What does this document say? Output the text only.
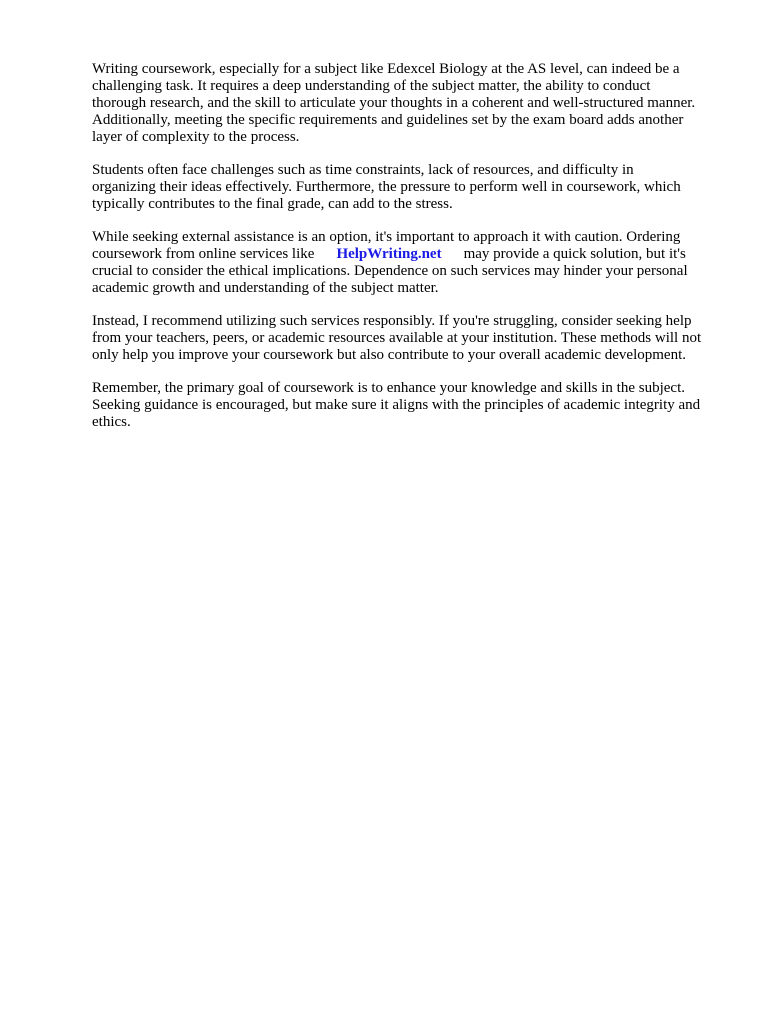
Writing coursework, especially for a subject like Edexcel Biology at the AS level, can indeed be a
challenging task. It requires a deep understanding of the subject matter, the ability to conduct
thorough research, and the skill to articulate your thoughts in a coherent and well-structured manner.
Additionally, meeting the specific requirements and guidelines set by the exam board adds another
layer of complexity to the process.

Students often face challenges such as time constraints, lack of resources, and difficulty in
organizing their ideas effectively. Furthermore, the pressure to perform well in coursework, which
typically contributes to the final grade, can add to the stress.

While seeking external assistance is an option, it's important to approach it with caution. Ordering
coursework from online services like HelpWriting.net may provide a quick solution, but it's
crucial to consider the ethical implications. Dependence on such services may hinder your personal
academic growth and understanding of the subject matter.

Instead, I recommend utilizing such services responsibly. If you're struggling, consider seeking help
from your teachers, peers, or academic resources available at your institution. These methods will not
only help you improve your coursework but also contribute to your overall academic development.

Remember, the primary goal of coursework is to enhance your knowledge and skills in the subject.
Seeking guidance is encouraged, but make sure it aligns with the principles of academic integrity and
ethics.
